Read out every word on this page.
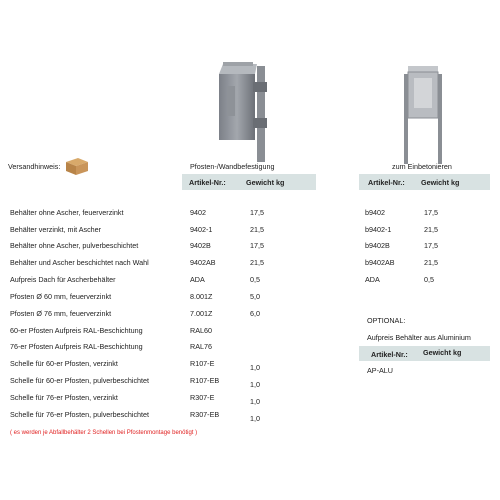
Versandhinweis:	Pfosten-/Wandbefestigung	zum Einbetonieren
Artikel-Nr.:	Gewicht kg	Artikel-Nr.: Gewicht kg
Behälter ohne Ascher, feuerverzinkt	9402	17,5
Behälter verzinkt, mit Ascher	9402-1	21,5
Behälter ohne Ascher, pulverbeschichtet	9402B	17,5
Behälter und Ascher beschichtet nach Wahl	9402AB	21,5
Aufpreis Dach für Ascherbehälter	ADA	0,5
Pfosten Ø 60 mm, feuerverzinkt	8.001Z	5,0
Pfosten Ø 76 mm, feuerverzinkt	7.001Z	6,0
60-er Pfosten Aufpreis RAL-Beschichtung	RAL60
76-er Pfosten Aufpreis RAL-Beschichtung	RAL76
Schelle für 60-er Pfosten, verzinkt	R107-E	1,0
Schelle für 60-er Pfosten, pulverbeschichtet	R107-EB	1,0
Schelle für 76-er Pfosten, verzinkt	R307-E	1,0
Schelle für 76-er Pfosten, pulverbeschichtet	R307-EB	1,0
b9402	17,5
b9402-1	21,5
b9402B	17,5
b9402AB	21,5
ADA	0,5
OPTIONAL:
Aufpreis Behälter aus Aluminium
Artikel-Nr.: Gewicht kg
AP-ALU
( es werden je Abfallbehälter 2 Schellen bei Pfostenmontage benötigt )
